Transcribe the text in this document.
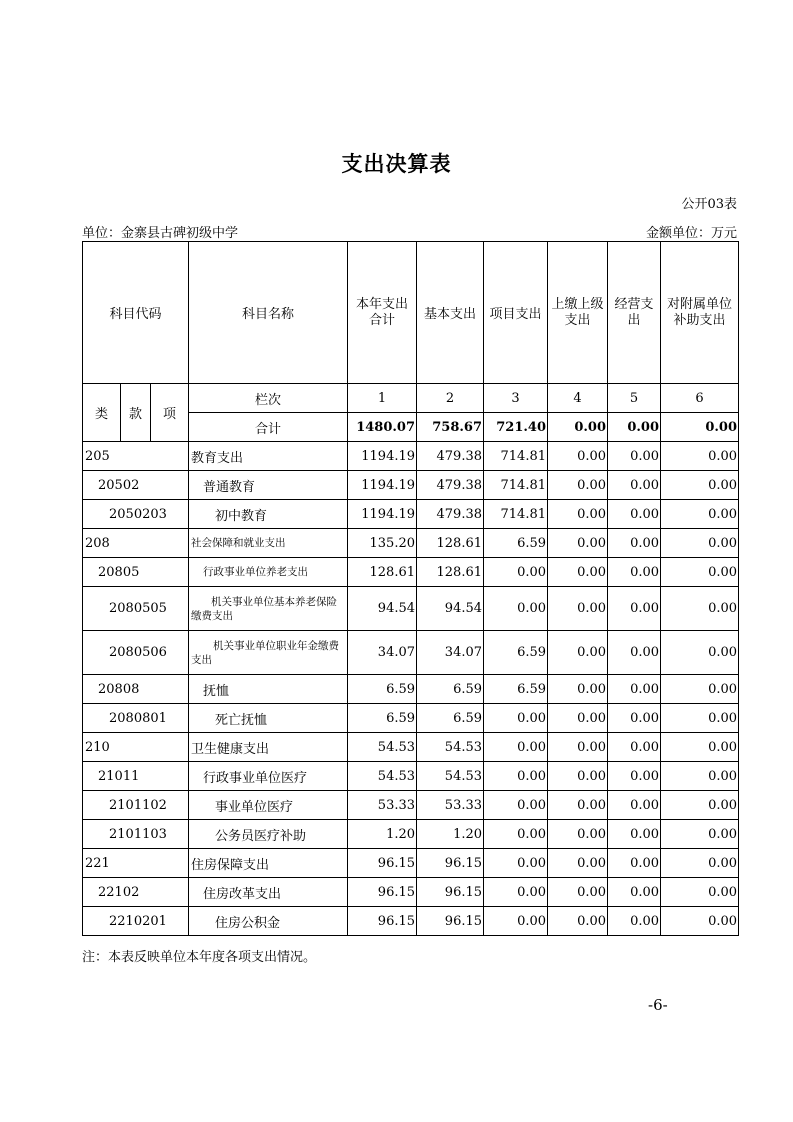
支出决算表
公开03表
单位：金寨县古碑初级中学	金额单位：万元
科目代码			科目名称	本年支出合计	基本支出	项目支出	上缴上级支出	经营支出	对附属单位补助支出
类	款	项	栏次	1	2	3	4	5	6
			合计	1480.07	758.67	721.40	0.00	0.00	0.00
205			教育支出	1194.19	479.38	714.81	0.00	0.00	0.00
20502			普通教育	1194.19	479.38	714.81	0.00	0.00	0.00
2050203			初中教育	1194.19	479.38	714.81	0.00	0.00	0.00
208			社会保障和就业支出	135.20	128.61	6.59	0.00	0.00	0.00
20805			行政事业单位养老支出	128.61	128.61	0.00	0.00	0.00	0.00
2080505			机关事业单位基本养老保险缴费支出	94.54	94.54	0.00	0.00	0.00	0.00
2080506			机关事业单位职业年金缴费支出	34.07	34.07	6.59	0.00	0.00	0.00
20808			抚恤	6.59	6.59	6.59	0.00	0.00	0.00
2080801			死亡抚恤	6.59	6.59	0.00	0.00	0.00	0.00
210			卫生健康支出	54.53	54.53	0.00	0.00	0.00	0.00
21011			行政事业单位医疗	54.53	54.53	0.00	0.00	0.00	0.00
2101102			事业单位医疗	53.33	53.33	0.00	0.00	0.00	0.00
2101103			公务员医疗补助	1.20	1.20	0.00	0.00	0.00	0.00
221			住房保障支出	96.15	96.15	0.00	0.00	0.00	0.00
22102			住房改革支出	96.15	96.15	0.00	0.00	0.00	0.00
2210201			住房公积金	96.15	96.15	0.00	0.00	0.00	0.00
注：本表反映单位本年度各项支出情况。
-6-
